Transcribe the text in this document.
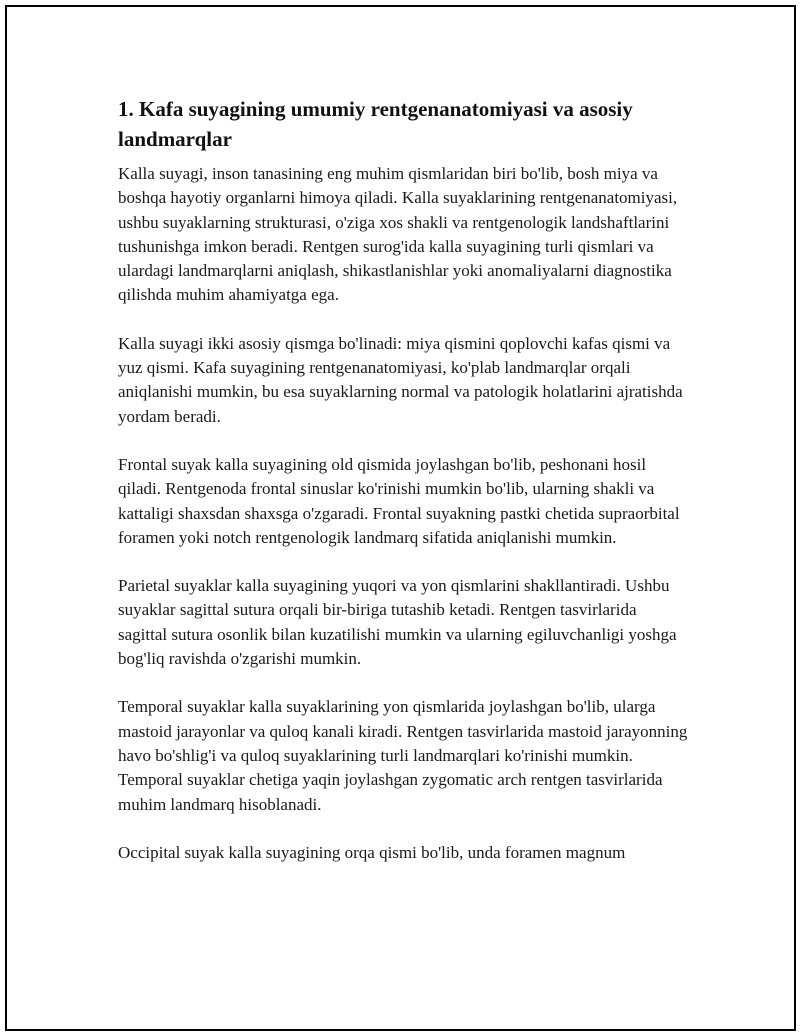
1. Kafa suyagining umumiy rentgenanatomiyasi va asosiy landmarqlar

Kalla suyagi, inson tanasining eng muhim qismlaridan biri bo'lib, bosh miya va boshqa hayotiy organlarni himoya qiladi. Kalla suyaklarining rentgenanatomiyasi, ushbu suyaklarning strukturasi, o'ziga xos shakli va rentgenologik landshaftlarini tushunishga imkon beradi. Rentgen surog'ida kalla suyagining turli qismlari va ulardagi landmarqlarni aniqlash, shikastlanishlar yoki anomaliyalarni diagnostika qilishda muhim ahamiyatga ega.

Kalla suyagi ikki asosiy qismga bo'linadi: miya qismini qoplovchi kafas qismi va yuz qismi. Kafa suyagining rentgenanatomiyasi, ko'plab landmarqlar orqali aniqlanishi mumkin, bu esa suyaklarning normal va patologik holatlarini ajratishda yordam beradi.

Frontal suyak kalla suyagining old qismida joylashgan bo'lib, peshonani hosil qiladi. Rentgenoda frontal sinuslar ko'rinishi mumkin bo'lib, ularning shakli va kattaligi shaxsdan shaxsga o'zgaradi. Frontal suyakning pastki chetida supraorbital foramen yoki notch rentgenologik landmarq sifatida aniqlanishi mumkin.

Parietal suyaklar kalla suyagining yuqori va yon qismlarini shakllantiradi. Ushbu suyaklar sagittal sutura orqali bir-biriga tutashib ketadi. Rentgen tasvirlarida sagittal sutura osonlik bilan kuzatilishi mumkin va ularning egiluvchanligi yoshga bog'liq ravishda o'zgarishi mumkin.

Temporal suyaklar kalla suyaklarining yon qismlarida joylashgan bo'lib, ularga mastoid jarayonlar va quloq kanali kiradi. Rentgen tasvirlarida mastoid jarayonning havo bo'shlig'i va quloq suyaklarining turli landmarqlari ko'rinishi mumkin. Temporal suyaklar chetiga yaqin joylashgan zygomatic arch rentgen tasvirlarida muhim landmarq hisoblanadi.

Occipital suyak kalla suyagining orqa qismi bo'lib, unda foramen magnum
